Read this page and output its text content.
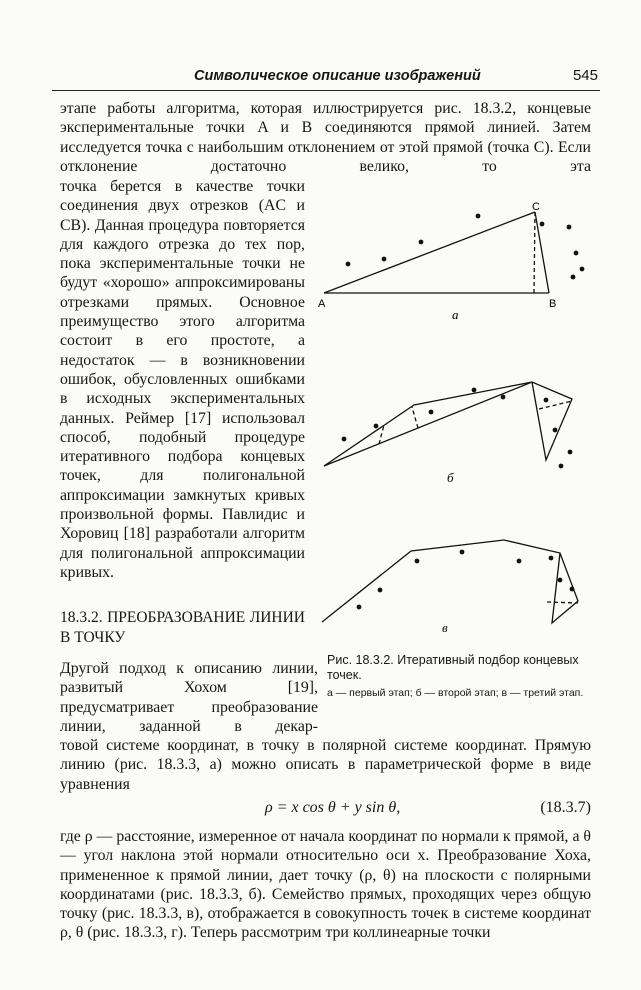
Символическое описание изображений	545

этапе работы алгоритма, которая иллюстрируется рис. 18.3.2, концевые экспериментальные точки A и B соединяются прямой линией. Затем исследуется точка с наибольшим отклонением от этой прямой (точка C). Если отклонение достаточно велико, то эта

точка берется в качестве точки соединения двух отрезков (AC и CB). Данная процедура повторяется для каждого отрезка до тех пор, пока экспериментальные точки не будут «хорошо» аппроксимированы отрезками прямых. Основное преимущество этого алгоритма состоит в его простоте, а недостаток — в возникновении ошибок, обусловленных ошибками в исходных экспериментальных данных. Реймер [17] использовал способ, подобный процедуре итеративного подбора концевых точек, для полигональной аппроксимации замкнутых кривых произвольной формы. Павлидис и Хоровиц [18] разработали алгоритм для полигональной аппроксимации кривых.

18.3.2. ПРЕОБРАЗОВАНИЕ ЛИНИИ В ТОЧКУ

Другой подход к описанию линии, развитый Хохом [19], предусматривает преобразование линии, заданной в декар-

товой системе координат, в точку в полярной системе координат. Прямую линию (рис. 18.3.3, а) можно описать в параметрической форме в виде уравнения

ρ = x cos θ + y sin θ,	(18.3.7)

где ρ — расстояние, измеренное от начала координат по нормали к прямой, а θ — угол наклона этой нормали относительно оси x. Преобразование Хоха, примененное к прямой линии, дает точку (ρ, θ) на плоскости с полярными координатами (рис. 18.3.3, б). Семейство прямых, проходящих через общую точку (рис. 18.3.3, в), отображается в совокупность точек в системе координат ρ, θ (рис. 18.3.3, г). Теперь рассмотрим три коллинеарные точки

A	B
C
а
б
в

Рис. 18.3.2. Итеративный подбор концевых точек.

а — первый этап; б — второй этап; в — третий этап.
